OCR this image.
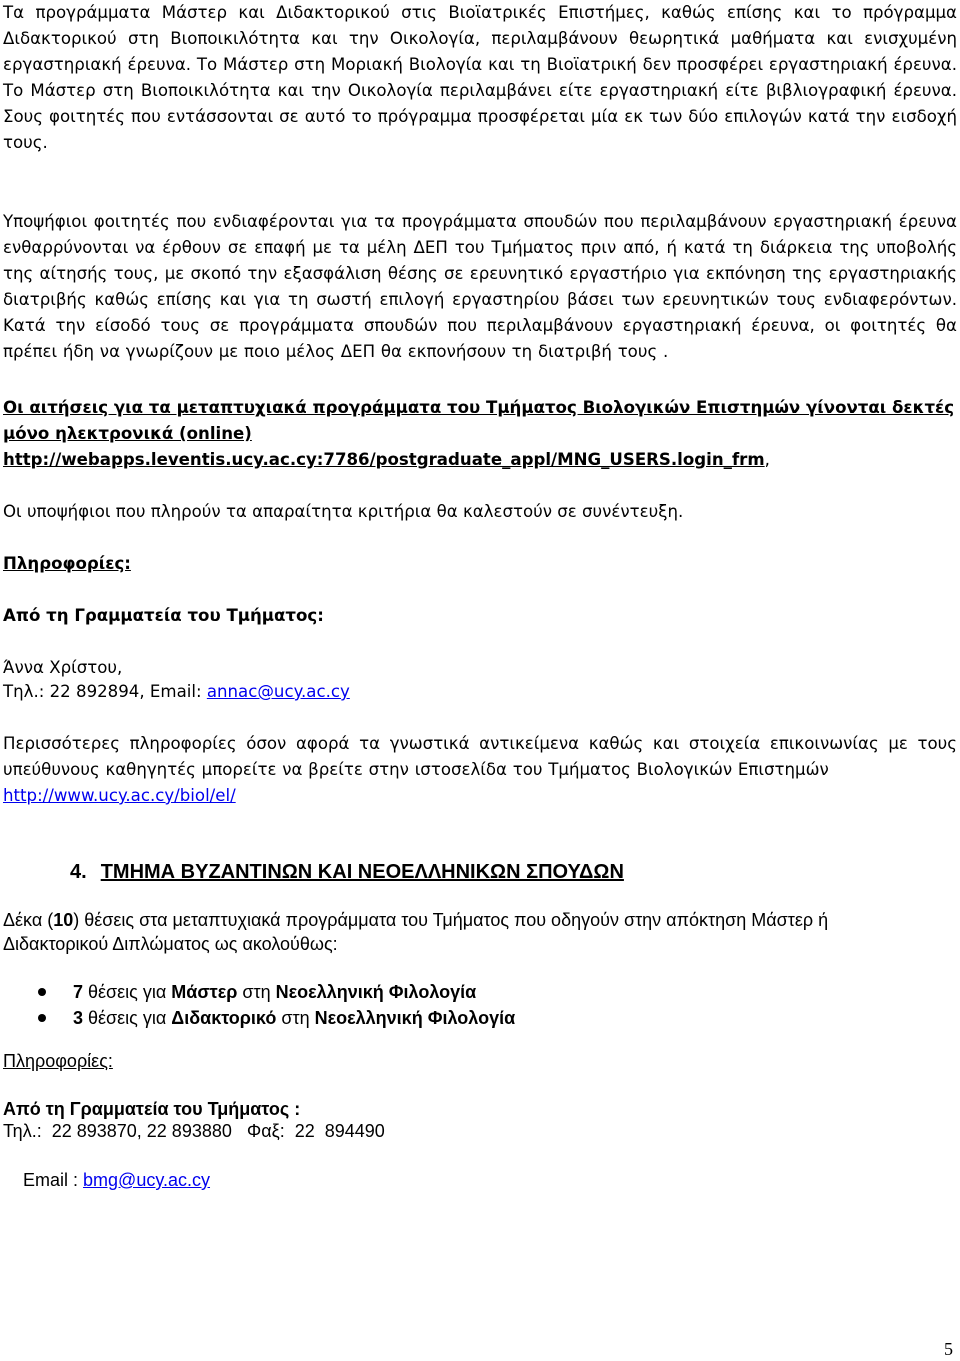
Τα προγράμματα Μάστερ και Διδακτορικού στις Βιοϊατρικές Επιστήμες, καθώς επίσης και το πρόγραμμα Διδακτορικού στη Βιοποικιλότητα και την Οικολογία, περιλαμβάνουν θεωρητικά μαθήματα και ενισχυμένη εργαστηριακή έρευνα. Το Μάστερ στη Μοριακή Βιολογία και τη Βιοϊατρική δεν προσφέρει εργαστηριακή έρευνα. Το Μάστερ στη Βιοποικιλότητα και την Οικολογία περιλαμβάνει είτε εργαστηριακή είτε βιβλιογραφική έρευνα. Σους φοιτητές που εντάσσονται σε αυτό το πρόγραμμα προσφέρεται μία εκ των δύο επιλογών κατά την εισδοχή τους.

Υποψήφιοι φοιτητές που ενδιαφέρονται για τα προγράμματα σπουδών που περιλαμβάνουν εργαστηριακή έρευνα ενθαρρύνονται να έρθουν σε επαφή με τα μέλη ΔΕΠ του Τμήματος πριν από, ή κατά τη διάρκεια της υποβολής της αίτησής τους, με σκοπό την εξασφάλιση θέσης σε ερευνητικό εργαστήριο για εκπόνηση της εργαστηριακής διατριβής καθώς επίσης και για τη σωστή επιλογή εργαστηρίου βάσει των ερευνητικών τους ενδιαφερόντων. Κατά την είσοδό τους σε προγράμματα σπουδών που περιλαμβάνουν εργαστηριακή έρευνα, οι φοιτητές θα πρέπει ήδη να γνωρίζουν με ποιο μέλος ΔΕΠ θα εκπονήσουν τη διατριβή τους .

Οι αιτήσεις για τα μεταπτυχιακά προγράμματα του Τμήματος Βιολογικών Επιστημών γίνονται δεκτές
μόνο ηλεκτρονικά (online)
http://webapps.leventis.ucy.ac.cy:7786/postgraduate_appl/MNG_USERS.login_frm,
Οι υποψήφιοι που πληρούν τα απαραίτητα κριτήρια θα καλεστούν σε συνέντευξη.
Πληροφορίες:
Από τη Γραμματεία του Τμήματος:
Άννα Χρίστου,
Τηλ.: 22 892894, Email: annac@ucy.ac.cy

Περισσότερες πληροφορίες όσον αφορά τα γνωστικά αντικείμενα καθώς και στοιχεία επικοινωνίας με τους υπεύθυνους καθηγητές μπορείτε να βρείτε στην ιστοσελίδα του Τμήματος Βιολογικών Επιστημών

http://www.ucy.ac.cy/biol/el/
4. ΤΜΗΜΑ ΒΥΖΑΝΤΙΝΩΝ ΚΑΙ ΝΕΟΕΛΛΗΝΙΚΩΝ ΣΠΟΥΔΩΝ
Δέκα (10) θέσεις στα μεταπτυχιακά προγράμματα του Τμήματος που οδηγούν στην απόκτηση Μάστερ ή
Διδακτορικού Διπλώματος ως ακολούθως:
7 θέσεις για Μάστερ στη Νεοελληνική Φιλολογία
3 θέσεις για Διδακτορικό στη Νεοελληνική Φιλολογία
Πληροφορίες:
Από τη Γραμματεία του Τμήματος :
Τηλ.:  22 893870, 22 893880   Φαξ:  22  894490

Email : bmg@ucy.ac.cy

5
